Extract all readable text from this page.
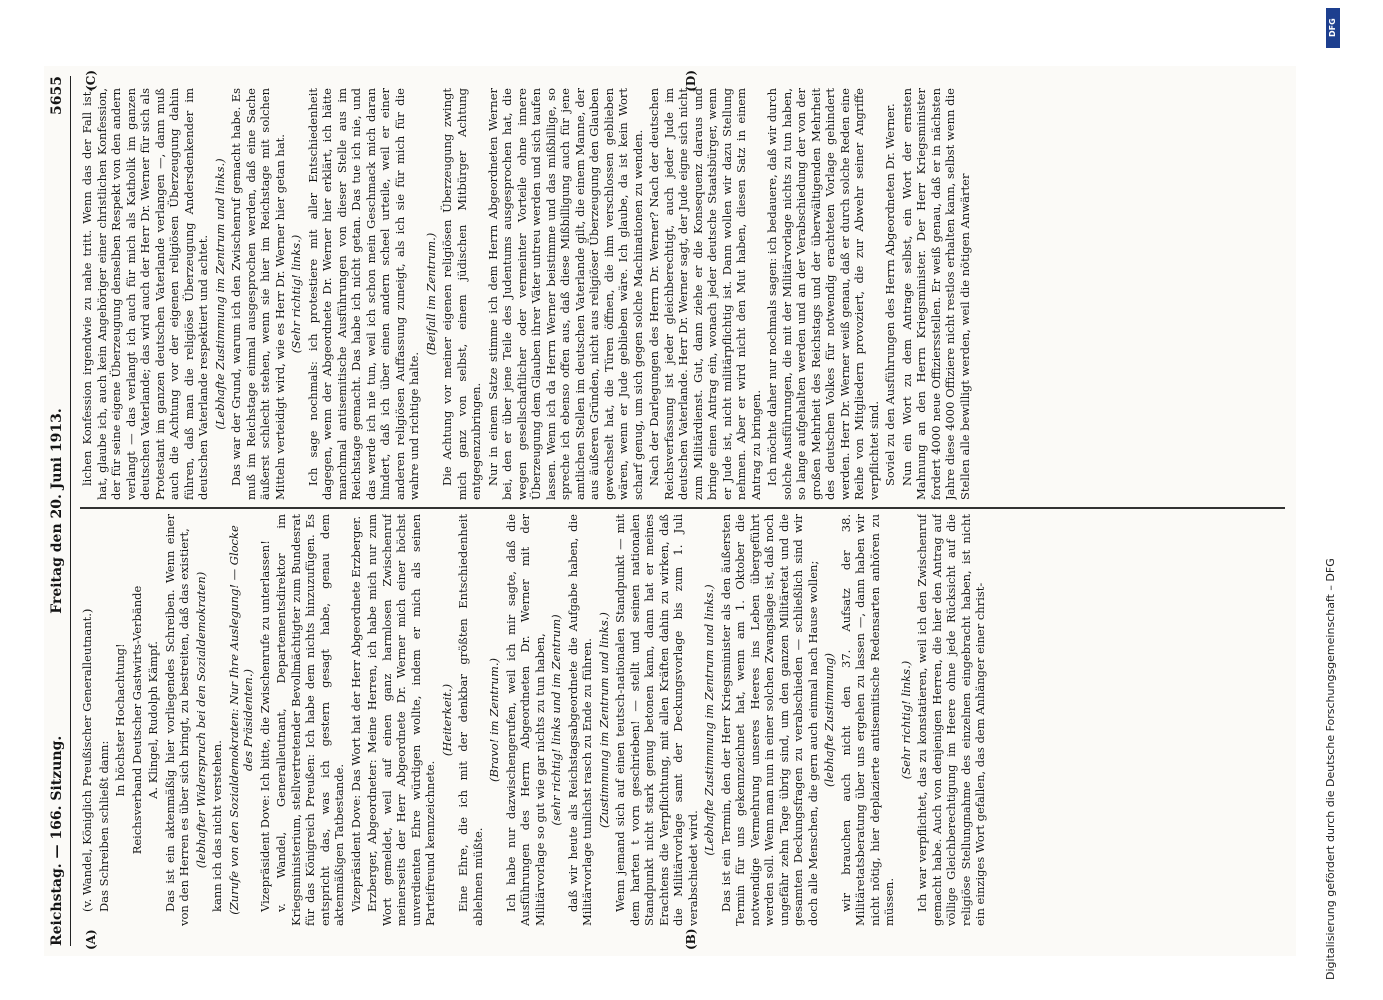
Reichstag. — 166. Sitzung.
Freitag den 20. Juni 1913.
5655
(A)	(B)
(C)	(D)

(v. Wandel, Königlich Preußischer Generalleutnant.) Das Schreiben schließt dann:

In höchster Hochachtung! Reichsverband Deutscher Gastwirts-Verbände A. Klingel, Rudolph Kämpf. Das ist ein aktenmäßig hier vorliegendes Schreiben. Wenn einer von den Herren es über sich bringt, zu bestreiten, daß das existiert, (lebhafter Widerspruch bei den Sozialdemokraten) kann ich das nicht verstehen. (Zurufe von den Sozialdemokraten: Nur Ihre Auslegung! — Glocke des Präsidenten.) Vizepräsident Dove: Ich bitte, die Zwischenrufe zu unterlassen! v. Wandel, Generalleutnant, Departementsdirektor im Kriegsministerium, stellvertretender Bevollmächtigter zum Bundesrat für das Königreich Preußen: Ich habe dem nichts hinzuzufügen. Es entspricht das, was ich gestern gesagt habe, genau dem aktenmäßigen Tatbestande. Vizepräsident Dove: Das Wort hat der Herr Abgeordnete Erzberger. Erzberger, Abgeordneter: Meine Herren, ich habe mich nur zum Wort gemeldet, weil auf einen ganz harmlosen Zwischenruf meinerseits der Herr Abgeordnete Dr. Werner mich einer höchst unverdienten Ehre würdigen wollte, indem er mich als seinen Parteifreund kennzeichnete.

(Heiterkeit.) Eine Ehre, die ich mit der denkbar größten Entschiedenheit ablehnen müßte.

(Bravo! im Zentrum.) Ich habe nur dazwischengerufen, weil ich mir sagte, daß die Ausführungen des Herrn Abgeordneten Dr. Werner mit der Militärvorlage so gut wie gar nichts zu tun haben, (sehr richtig! links und im Zentrum) daß wir heute als Reichstagsabgeordnete die Aufgabe haben, die Militärvorlage tunlichst rasch zu Ende zu führen. (Zustimmung im Zentrum und links.) Wenn jemand sich auf einen teutsch-nationalen Standpunkt — mit dem harten t vorn geschrieben! — stellt und seinen nationalen Standpunkt nicht stark genug betonen kann, dann hat er meines Erachtens die Verpflichtung, mit allen Kräften dahin zu wirken, daß die Militärvorlage samt der Deckungsvorlage bis zum 1. Juli verabschiedet wird.

(Lebhafte Zustimmung im Zentrum und links.) Das ist ein Termin, den der Herr Kriegsminister als den äußersten Termin für uns gekennzeichnet hat, wenn am 1. Oktober die notwendige Vermehrung unseres Heeres ins Leben übergeführt werden soll. Wenn man nun in einer solchen Zwangslage ist, daß noch ungefähr zehn Tage übrig sind, um den ganzen Militäretat und die gesamten Deckungsfragen zu verabschieden — schließlich sind wir doch alle Menschen, die gern auch einmal nach Hause wollen; (lebhafte Zustimmung) wir brauchen auch nicht den 37. Aufsatz der 38. Militäretatsberatung über uns ergehen zu lassen —, dann haben wir nicht nötig, hier deplazierte antisemitische Redensarten anhören zu müssen.

(Sehr richtig! links.) Ich war verpflichtet, das zu konstatieren, weil ich den Zwischenruf gemacht habe. Auch von denjenigen Herren, die hier den Antrag auf völlige Gleichberechtigung im Heere ohne jede Rücksicht auf die religiöse Stellungnahme des einzelnen eingebracht haben, ist nicht ein einziges Wort gefallen, das dem Anhänger einer christ-

lichen Konfession irgendwie zu nahe tritt. Wenn das der Fall ist, hat, glaube ich, auch kein Angehöriger einer christlichen Konfession, der für seine eigene Überzeugung denselben Respekt von den andern verlangt — das verlangt ich auch für mich als Katholik im ganzen deutschen Vaterlande; das wird auch der Herr Dr. Werner für sich als Protestant im ganzen deutschen Vaterlande verlangen —, dann muß auch die Achtung vor der eigenen religiösen Überzeugung dahin führen, daß man die religiöse Überzeugung Andersdenkender im deutschen Vaterlande respektiert und achtet. (Lebhafte Zustimmung im Zentrum und links.) Das war der Grund, warum ich den Zwischenruf gemacht habe. Es muß im Reichstage einmal ausgesprochen werden, daß eine Sache äußerst schlecht stehen, wenn sie hier im Reichstage mit solchen Mitteln verteidigt wird, wie es Herr Dr. Werner hier getan hat. (Sehr richtig! links.) Ich sage nochmals: ich protestiere mit aller Entschiedenheit dagegen, wenn der Abgeordnete Dr. Werner hier erklärt, ich hätte manchmal antisemitische Ausführungen von dieser Stelle aus im Reichstage gemacht. Das habe ich nicht getan. Das tue ich nie, und das werde ich nie tun, weil ich schon mein Geschmack mich daran hindert, daß ich über einen andern scheel urteile, weil er einer anderen religiösen Auffassung zuneigt, als ich sie für mich für die wahre und richtige halte.

(Beifall im Zentrum.) Die Achtung vor meiner eigenen religiösen Überzeugung zwingt mich ganz von selbst, einem jüdischen Mitbürger Achtung entgegenzubringen. Nur in einem Satze stimme ich dem Herrn Abgeordneten Werner bei, den er über jene Teile des Judentums ausgesprochen hat, die wegen gesellschaftlicher oder vermeinter Vorteile ohne innere Überzeugung dem Glauben ihrer Väter untreu werden und sich taufen lassen. Wenn ich da Herrn Werner beistimme und das mißbillige, so spreche ich ebenso offen aus, daß diese Mißbilligung auch für jene amtlichen Stellen im deutschen Vaterlande gilt, die einem Manne, der aus äußeren Gründen, nicht aus religiöser Überzeugung den Glauben gewechselt hat, die Türen öffnen, die ihm verschlossen geblieben wären, wenn er Jude geblieben wäre. Ich glaube, da ist kein Wort scharf genug, um sich gegen solche Machinationen zu wenden. Nach der Darlegungen des Herrn Dr. Werner? Nach der deutschen Reichsverfassung ist jeder gleichberechtigt, auch jeder Jude im deutschen Vaterlande. Herr Dr. Werner sagt, der Jude eigne sich nicht zum Militärdienst. Gut, dann ziehe er die Konsequenz daraus und bringe einen Antrag ein, wonach jeder deutsche Staatsbürger, wenn er Jude ist, nicht militärpflichtig ist. Dann wollen wir dazu Stellung nehmen. Aber er wird nicht den Mut haben, diesen Satz in einem Antrag zu bringen. Ich möchte daher nur nochmals sagen: ich bedauere, daß wir durch solche Ausführungen, die mit der Militärvorlage nichts zu tun haben, so lange aufgehalten werden und an der Verabschiedung der von der großen Mehrheit des Reichstags und der überwältigenden Mehrheit des deutschen Volkes für notwendig erachteten Vorlage gehindert werden. Herr Dr. Werner weiß genau, daß er durch solche Reden eine Reihe von Mitgliedern provoziert, die zur Abwehr seiner Angriffe verpflichtet sind. Soviel zu den Ausführungen des Herrn Abgeordneten Dr. Werner. Nun ein Wort zu dem Antrage selbst, ein Wort der ernsten Mahnung an den Herrn Kriegsminister. Der Herr Kriegsminister fordert 4000 neue Offiziersstellen. Er weiß genau, daß er in nächsten Jahre diese 4000 Offiziere nicht restlos erhalten kann, selbst wenn die Stellen alle bewilligt werden, weil die nötigen Anwärter

DFG
Digitalisierung gefördert durch die Deutsche Forschungsgemeinschaft – DFG
